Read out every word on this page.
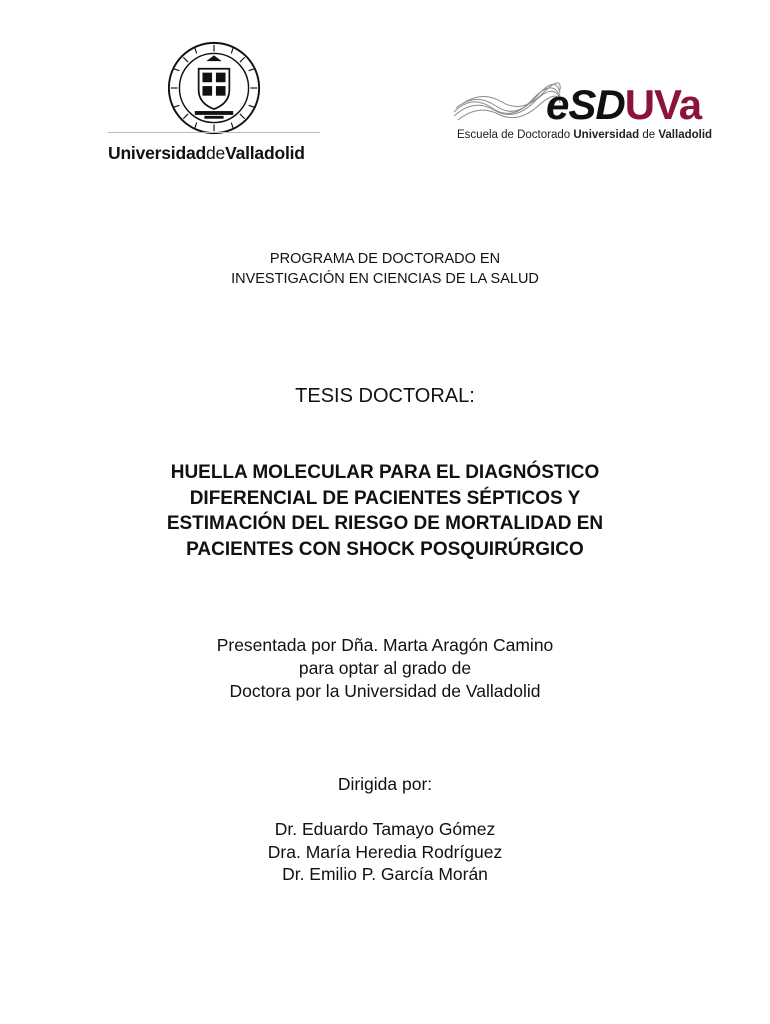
UniversidaddeValladolid
eSDUVa
Escuela de Doctorado Universidad de Valladolid
PROGRAMA DE DOCTORADO EN
INVESTIGACIÓN EN CIENCIAS DE LA SALUD
TESIS DOCTORAL:
HUELLA MOLECULAR PARA EL DIAGNÓSTICO
DIFERENCIAL DE PACIENTES SÉPTICOS Y
ESTIMACIÓN DEL RIESGO DE MORTALIDAD EN
PACIENTES CON SHOCK POSQUIRÚRGICO
Presentada por Dña. Marta Aragón Camino
para optar al grado de
Doctora por la Universidad de Valladolid
Dirigida por:
Dr. Eduardo Tamayo Gómez
Dra. María Heredia Rodríguez
Dr. Emilio P. García Morán
